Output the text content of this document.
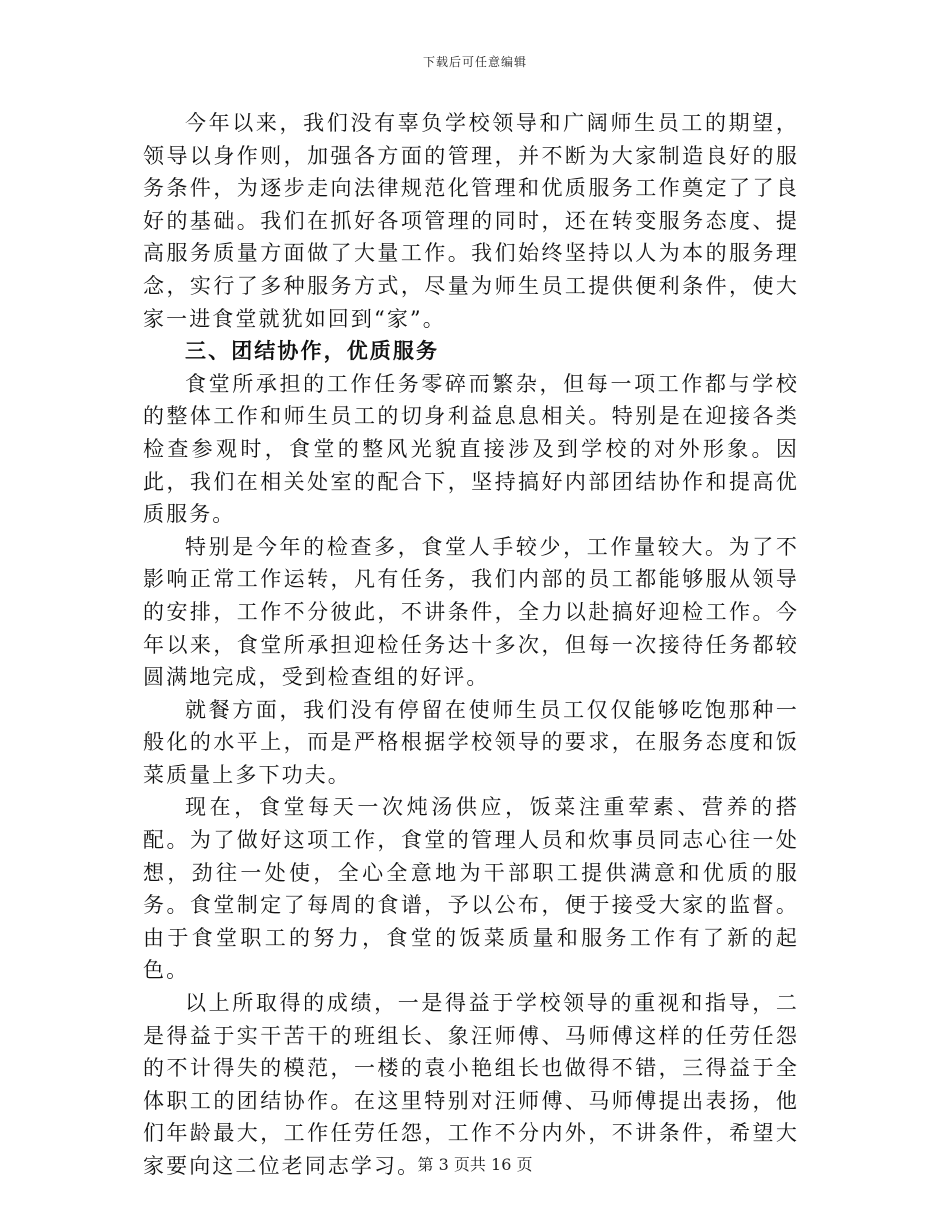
下载后可任意编辑

今年以来，我们没有辜负学校领导和广阔师生员工的期望，领导以身作则，加强各方面的管理，并不断为大家制造良好的服务条件，为逐步走向法律规范化管理和优质服务工作奠定了了良好的基础。我们在抓好各项管理的同时，还在转变服务态度、提高服务质量方面做了大量工作。我们始终坚持以人为本的服务理念，实行了多种服务方式，尽量为师生员工提供便利条件，使大家一进食堂就犹如回到“家”。

三、团结协作，优质服务

食堂所承担的工作任务零碎而繁杂，但每一项工作都与学校的整体工作和师生员工的切身利益息息相关。特别是在迎接各类检查参观时，食堂的整风光貌直接涉及到学校的对外形象。因此，我们在相关处室的配合下，坚持搞好内部团结协作和提高优质服务。

特别是今年的检查多，食堂人手较少，工作量较大。为了不影响正常工作运转，凡有任务，我们内部的员工都能够服从领导的安排，工作不分彼此，不讲条件，全力以赴搞好迎检工作。今年以来，食堂所承担迎检任务达十多次，但每一次接待任务都较圆满地完成，受到检查组的好评。

就餐方面，我们没有停留在使师生员工仅仅能够吃饱那种一般化的水平上，而是严格根据学校领导的要求，在服务态度和饭菜质量上多下功夫。

现在，食堂每天一次炖汤供应，饭菜注重荤素、营养的搭配。为了做好这项工作，食堂的管理人员和炊事员同志心往一处想，劲往一处使，全心全意地为干部职工提供满意和优质的服务。食堂制定了每周的食谱，予以公布，便于接受大家的监督。由于食堂职工的努力，食堂的饭菜质量和服务工作有了新的起色。

以上所取得的成绩，一是得益于学校领导的重视和指导，二是得益于实干苦干的班组长、象汪师傅、马师傅这样的任劳任怨的不计得失的模范，一楼的袁小艳组长也做得不错，三得益于全体职工的团结协作。在这里特别对汪师傅、马师傅提出表扬，他们年龄最大，工作任劳任怨，工作不分内外，不讲条件，希望大家要向这二位老同志学习。

第 3 页共 16 页
